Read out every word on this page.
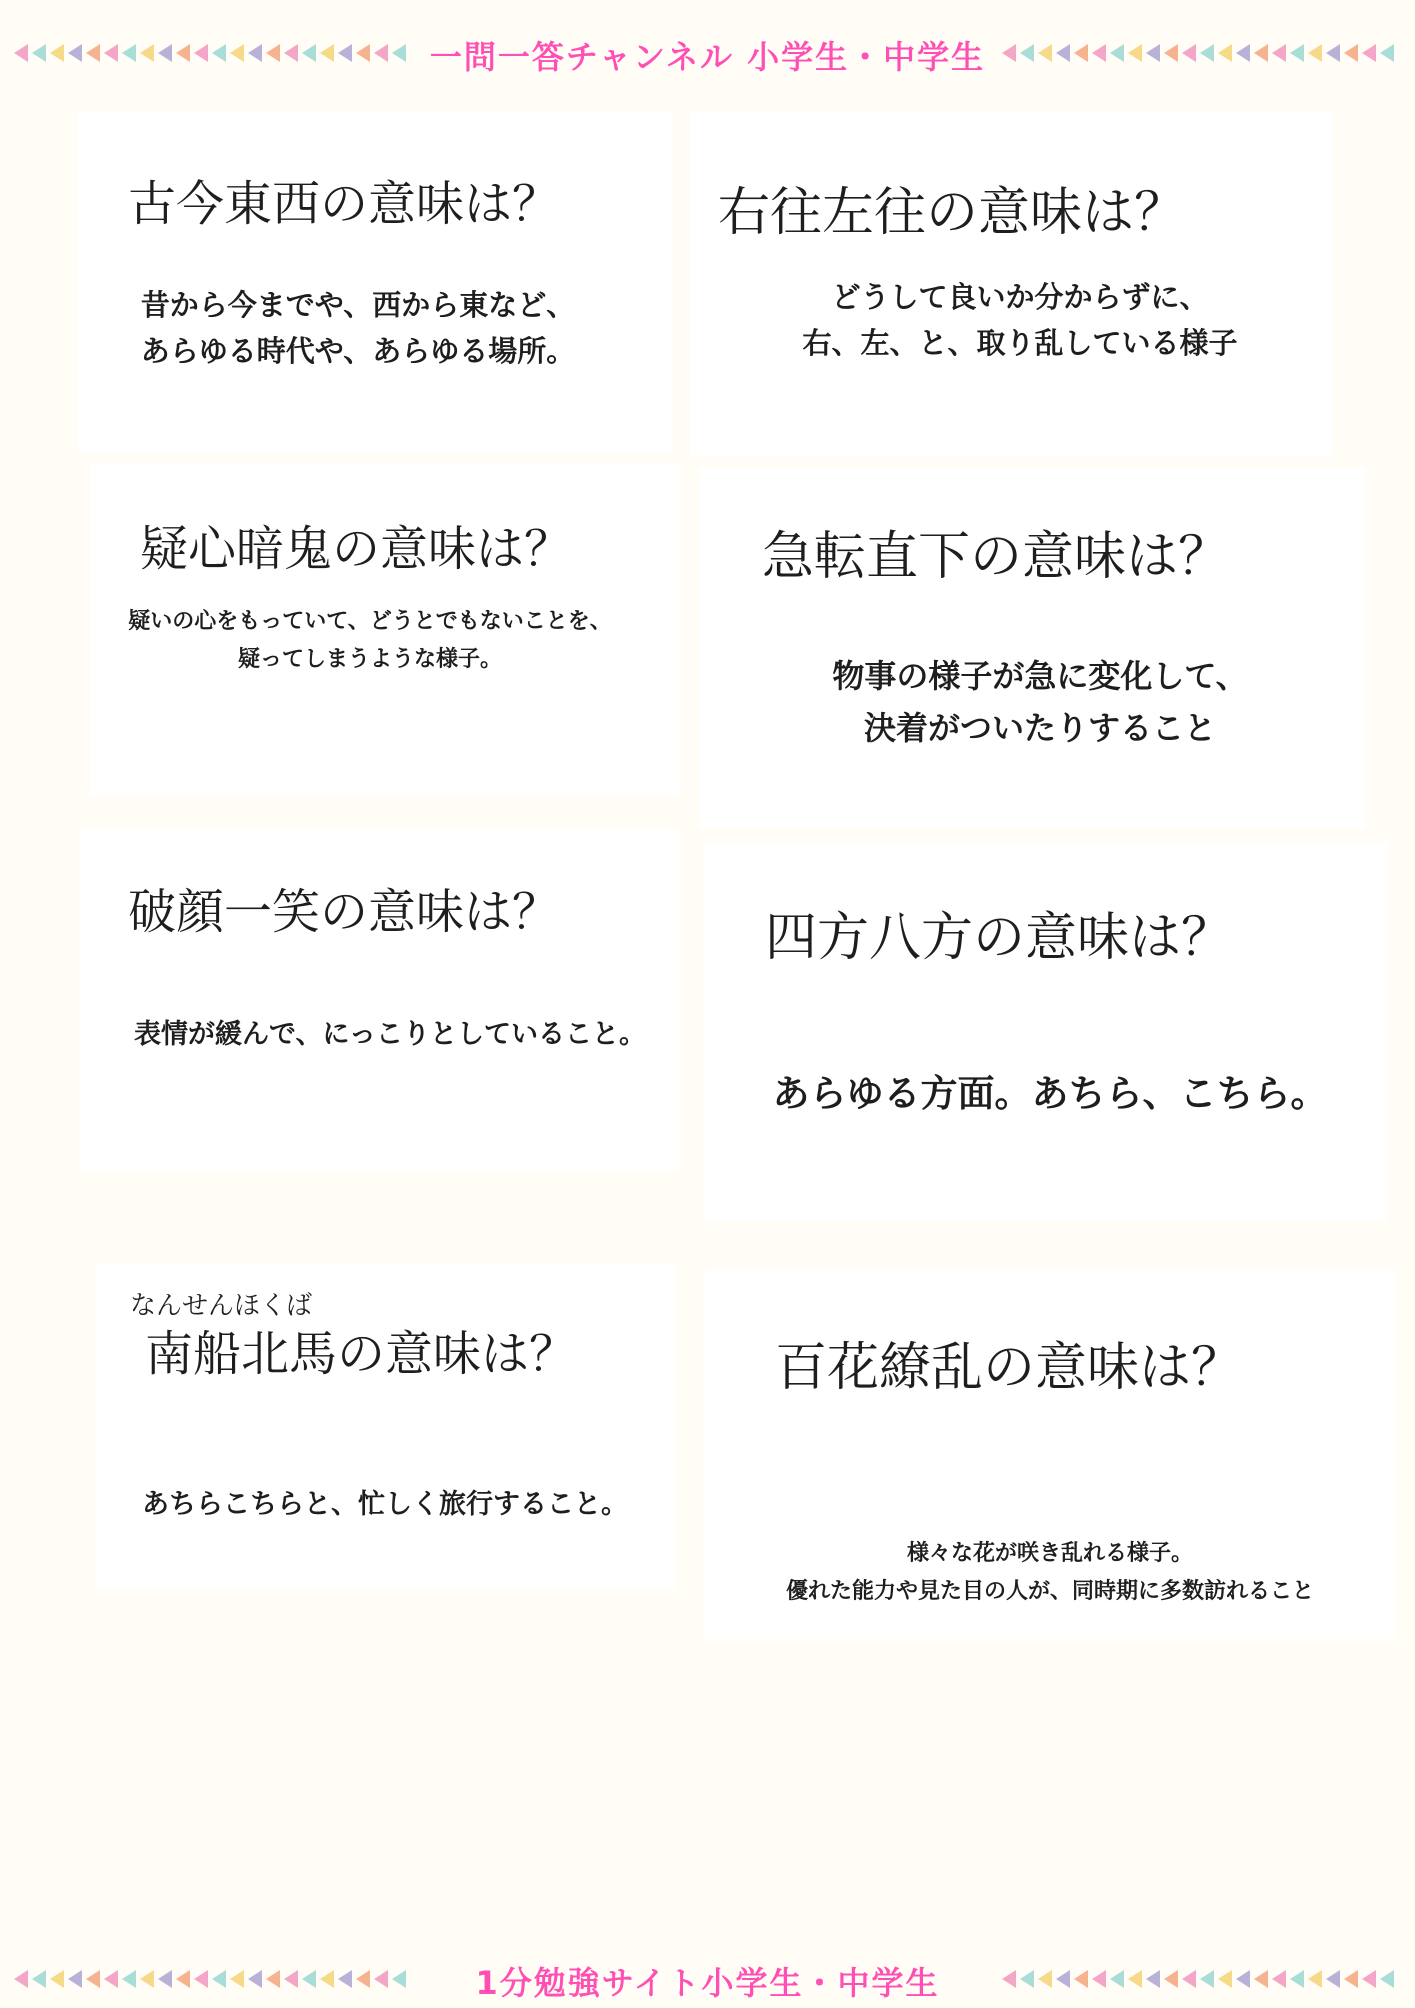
一問一答チャンネル 小学生・中学生
古今東西の意味は？
昔から今までや、西から東など、
あらゆる時代や、あらゆる場所。
右往左往の意味は？
どうして良いか分からずに、
右、左、と、取り乱している様子
疑心暗鬼の意味は？
疑いの心をもっていて、どうとでもないことを、
疑ってしまうような様子。
急転直下の意味は？
物事の様子が急に変化して、
決着がついたりすること
破顔一笑の意味は？
表情が緩んで、にっこりとしていること。
四方八方の意味は？
あらゆる方面。あちら、こちら。
なんせんほくば
南船北馬の意味は？
あちらこちらと、忙しく旅行すること。
百花繚乱の意味は？
様々な花が咲き乱れる様子。
優れた能力や見た目の人が、同時期に多数訪れること
1分勉強サイト小学生・中学生
